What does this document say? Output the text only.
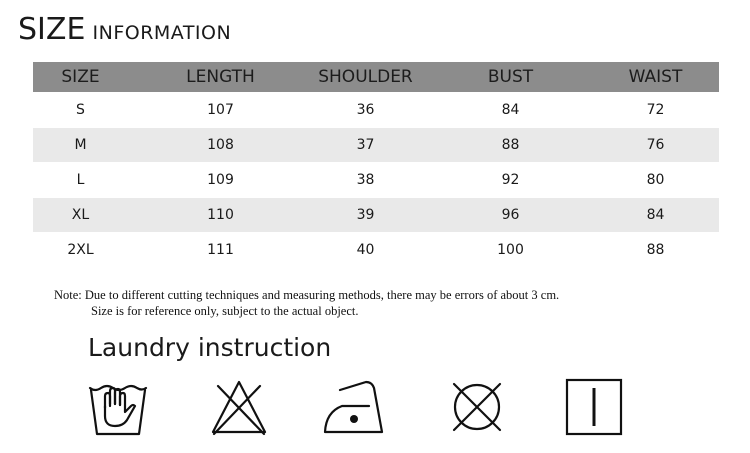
SIZE INFORMATION
SIZE	LENGTH	SHOULDER	BUST	WAIST
S	107	36	84	72
M	108	37	88	76
L	109	38	92	80
XL	110	39	96	84
2XL	111	40	100	88
Note: Due to different cutting techniques and measuring methods, there may be errors of about 3 cm.
Size is for reference only, subject to the actual object.
Laundry instruction
